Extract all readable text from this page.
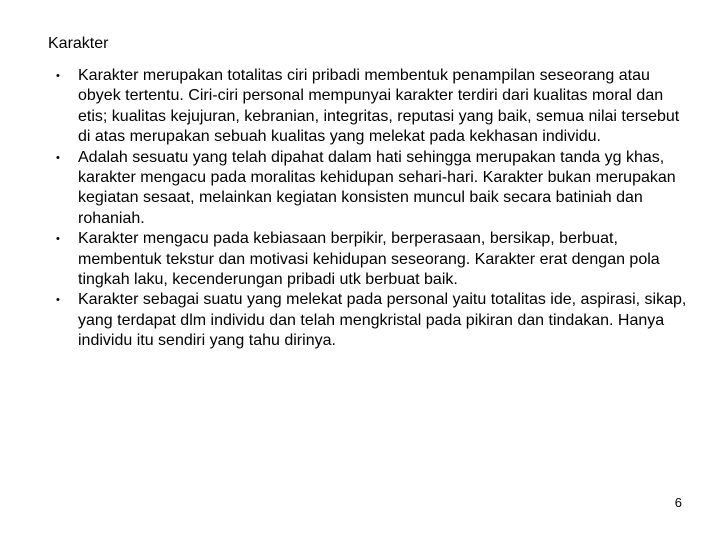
Karakter
• Karakter merupakan totalitas ciri pribadi membentuk penampilan seseorang atau obyek tertentu. Ciri-ciri personal mempunyai karakter terdiri dari kualitas moral dan etis; kualitas kejujuran, kebranian, integritas, reputasi yang baik, semua nilai tersebut di atas merupakan sebuah kualitas yang melekat pada kekhasan individu.
• Adalah sesuatu yang telah dipahat dalam hati sehingga merupakan tanda yg khas, karakter mengacu pada moralitas kehidupan sehari-hari. Karakter bukan merupakan kegiatan sesaat, melainkan kegiatan konsisten muncul baik secara batiniah dan rohaniah.
• Karakter mengacu pada kebiasaan berpikir, berperasaan, bersikap, berbuat, membentuk tekstur dan motivasi kehidupan seseorang. Karakter erat dengan pola tingkah laku, kecenderungan pribadi utk berbuat baik.
• Karakter sebagai suatu yang melekat pada personal yaitu totalitas ide, aspirasi, sikap, yang terdapat dlm individu dan telah mengkristal pada pikiran dan tindakan. Hanya individu itu sendiri yang tahu dirinya.
6
